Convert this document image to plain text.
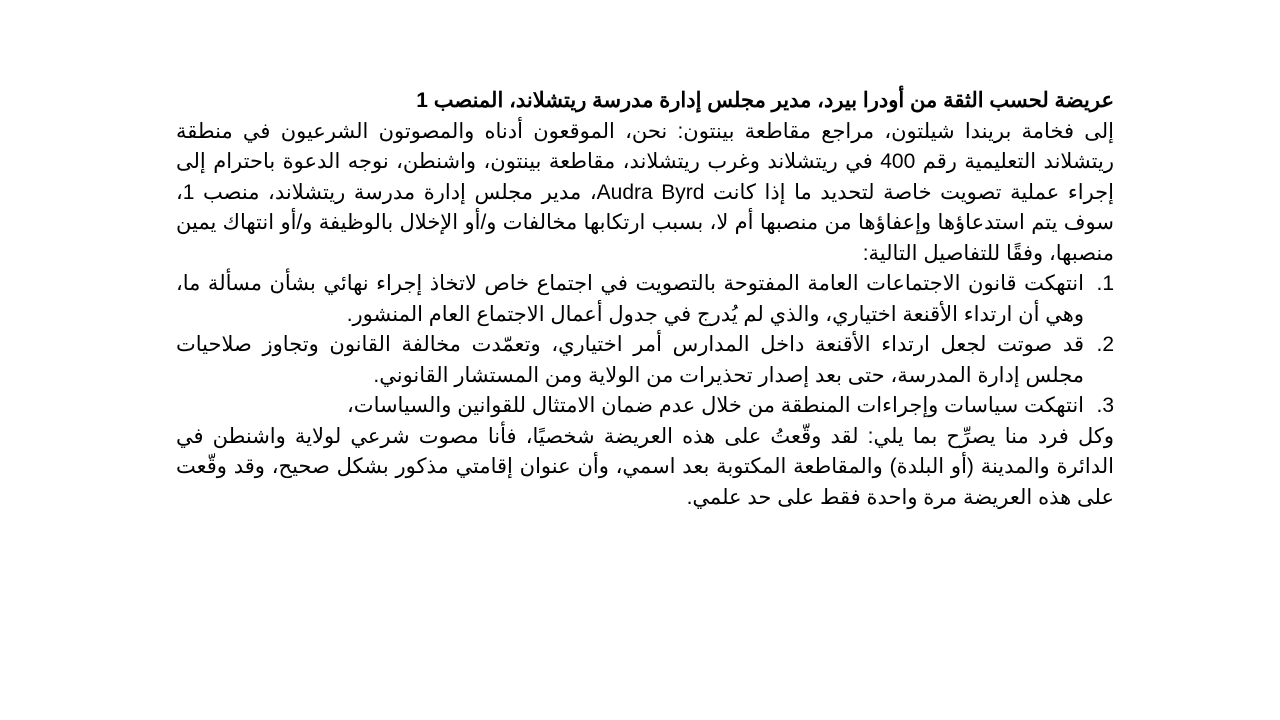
عريضة لحسب الثقة من أودرا بيرد، مدير مجلس إدارة مدرسة ريتشلاند، المنصب 1

إلى فخامة بريندا شيلتون، مراجع مقاطعة بينتون: نحن، الموقعون أدناه والمصوتون الشرعيون في منطقة ريتشلاند التعليمية رقم 400 في ريتشلاند وغرب ريتشلاند، مقاطعة بينتون، واشنطن، نوجه الدعوة باحترام إلى إجراء عملية تصويت خاصة لتحديد ما إذا كانت Audra Byrd، مدير مجلس إدارة مدرسة ريتشلاند، منصب 1، سوف يتم استدعاؤها وإعفاؤها من منصبها أم لا، بسبب ارتكابها مخالفات و/أو الإخلال بالوظيفة و/أو انتهاك يمين منصبها، وفقًا للتفاصيل التالية:

1.
انتهكت قانون الاجتماعات العامة المفتوحة بالتصويت في اجتماع خاص لاتخاذ إجراء نهائي بشأن مسألة ما، وهي أن ارتداء الأقنعة اختياري، والذي لم يُدرج في جدول أعمال الاجتماع العام المنشور.
2.
قد صوتت لجعل ارتداء الأقنعة داخل المدارس أمر اختياري، وتعمّدت مخالفة القانون وتجاوز صلاحيات مجلس إدارة المدرسة، حتى بعد إصدار تحذيرات من الولاية ومن المستشار القانوني.
3.
انتهكت سياسات وإجراءات المنطقة من خلال عدم ضمان الامتثال للقوانين والسياسات،

وكل فرد منا يصرِّح بما يلي: لقد وقّعتُ على هذه العريضة شخصيًا، فأنا مصوت شرعي لولاية واشنطن في الدائرة والمدينة (أو البلدة) والمقاطعة المكتوبة بعد اسمي، وأن عنوان إقامتي مذكور بشكل صحيح، وقد وقّعت على هذه العريضة مرة واحدة فقط على حد علمي.
